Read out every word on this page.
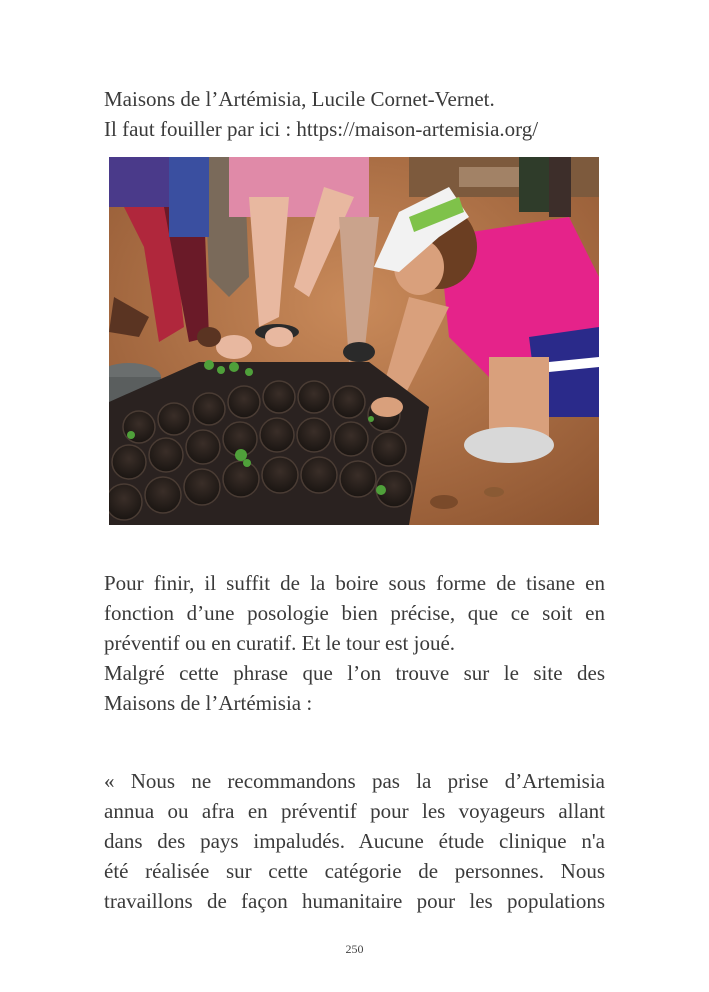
Maisons de l’Artémisia, Lucile Cornet-Vernet.

Il faut fouiller par ici : https://maison-artemisia.org/

Pour finir, il suffit de la boire sous forme de tisane en

fonction d’une posologie bien précise, que ce soit en

préventif ou en curatif. Et le tour est joué.

Malgré cette phrase que l’on trouve sur le site des

Maisons de l’Artémisia :

« Nous ne recommandons pas la prise d’Artemisia

annua ou afra en préventif pour les voyageurs allant

dans des pays impaludés. Aucune étude clinique n'a

été réalisée sur cette catégorie de personnes. Nous

travaillons de façon humanitaire pour les populations

250
